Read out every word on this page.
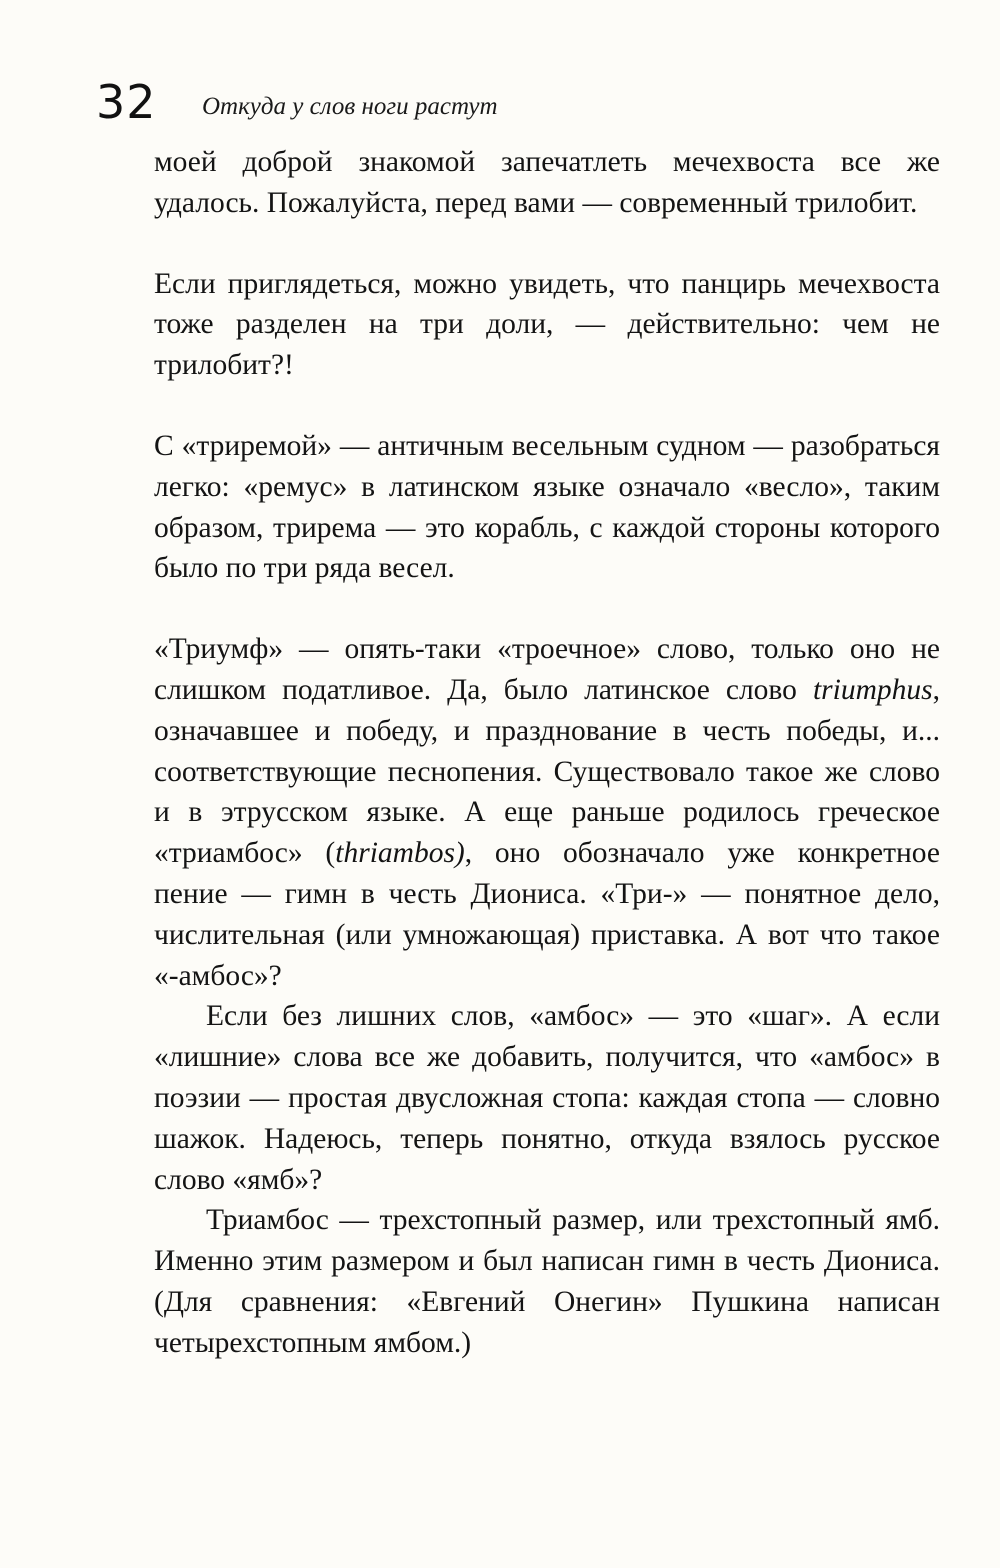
32 Откуда у слов ноги растут

моей доброй знакомой запечатлеть мечехвоста все же удалось. Пожалуйста, перед вами — современный трилобит.

Если приглядеться, можно увидеть, что панцирь мечехвоста тоже разделен на три доли, — действительно: чем не трилобит?!

С «триремой» — античным весельным судном — разобраться легко: «ремус» в латинском языке означало «весло», таким образом, трирема — это корабль, с каждой стороны которого было по три ряда весел.

«Триумф» — опять-таки «троечное» слово, только оно не слишком податливое. Да, было латинское слово triumphus, означавшее и победу, и празднование в честь победы, и... соответствующие песнопения. Существовало такое же слово и в этрусском языке. А еще раньше родилось греческое «триамбос» (thriambos), оно обозначало уже конкретное пение — гимн в честь Диониса. «Три-» — понятное дело, числительная (или умножающая) приставка. А вот что такое «-амбос»?

Если без лишних слов, «амбос» — это «шаг». А если «лишние» слова все же добавить, получится, что «амбос» в поэзии — простая двусложная стопа: каждая стопа — словно шажок. Надеюсь, теперь понятно, откуда взялось русское слово «ямб»?

Триамбос — трехстопный размер, или трехстопный ямб. Именно этим размером и был написан гимн в честь Диониса. (Для сравнения: «Евгений Онегин» Пушкина написан четырехстопным ямбом.)
